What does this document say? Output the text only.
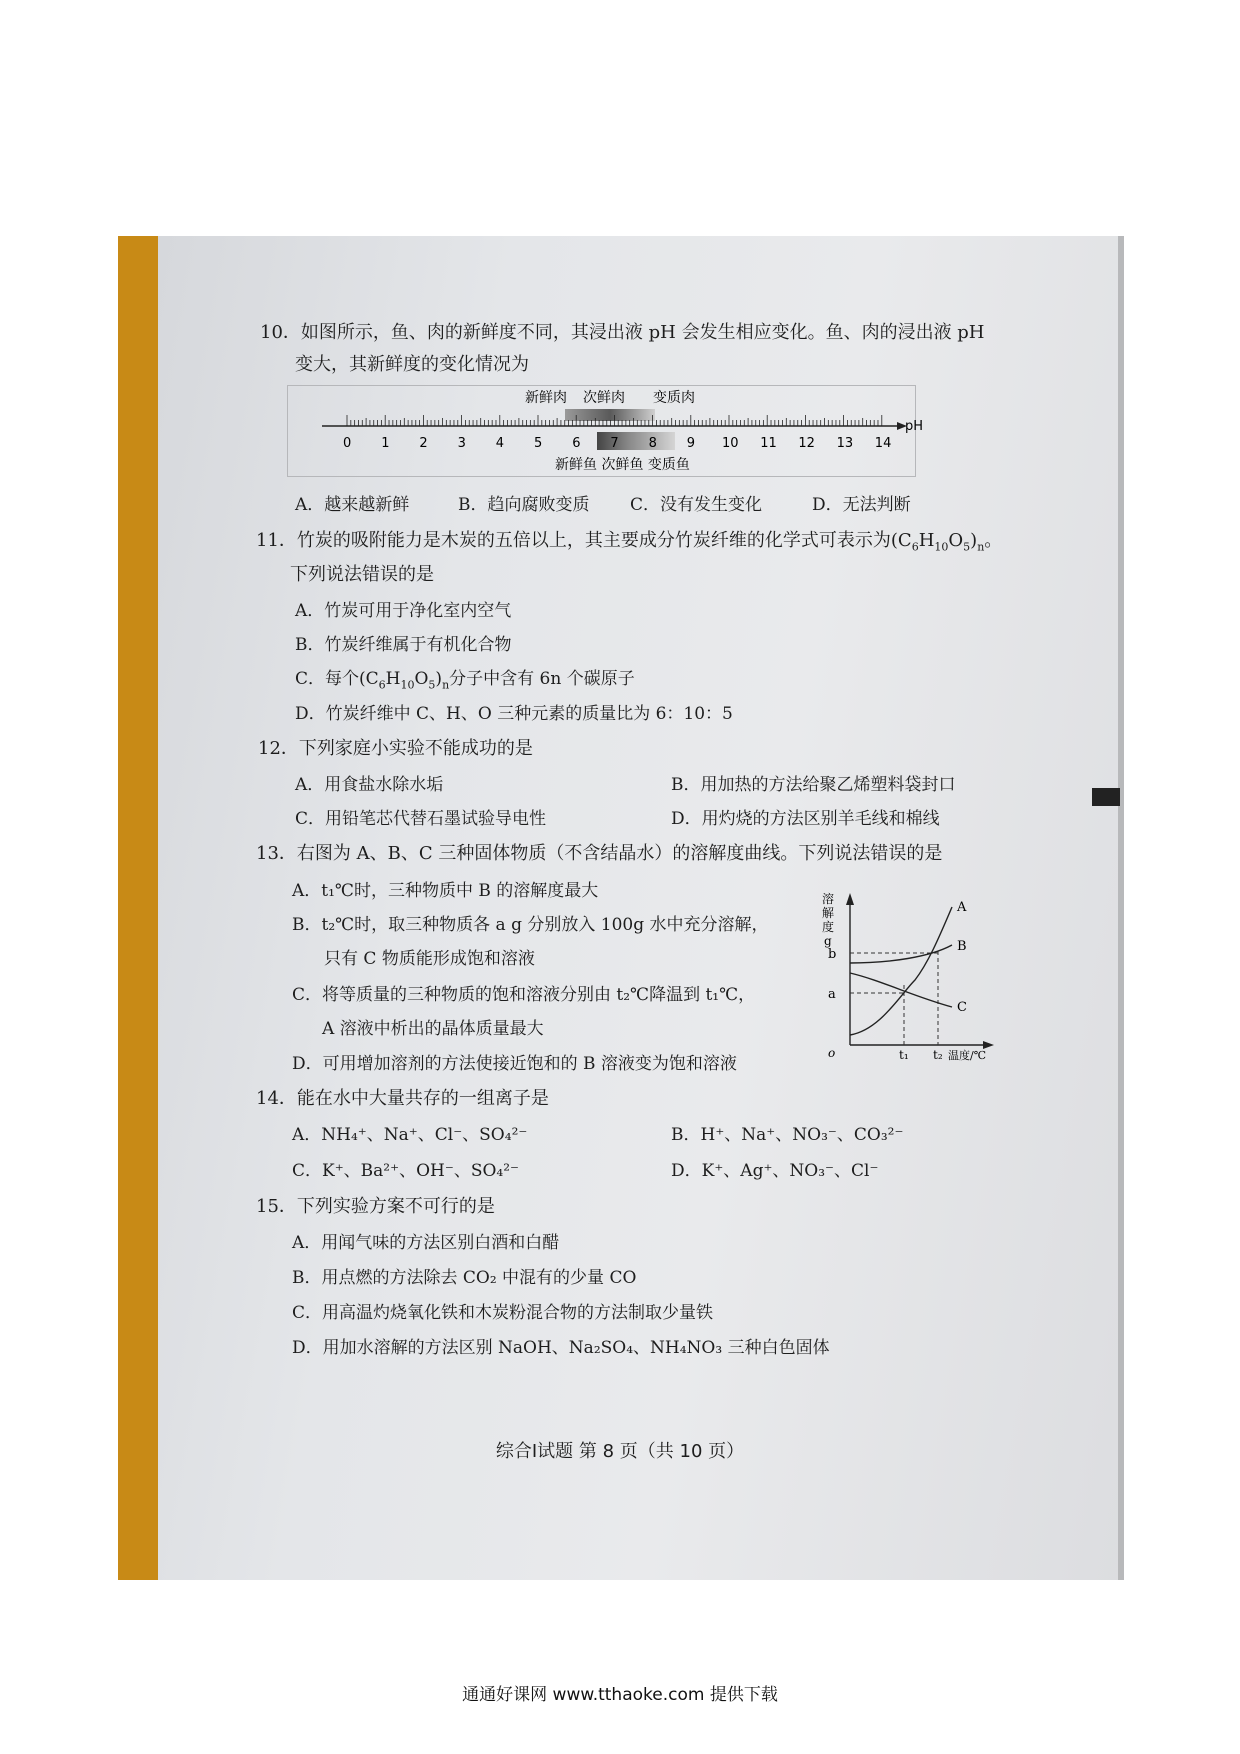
10．如图所示，鱼、肉的新鲜度不同，其浸出液 pH 会发生相应变化。鱼、肉的浸出液 pH
变大，其新鲜度的变化情况为
0 1 2 3 4 5 6 7 8 9 10 11 12 13 14
pH
新鲜肉 次鲜肉 变质肉
新鲜鱼 次鲜鱼 变质鱼
A．越来越新鲜	B．趋向腐败变质 C．没有发生变化	D．无法判断
11．竹炭的吸附能力是木炭的五倍以上，其主要成分竹炭纤维的化学式可表示为$(C_6H_{10}O_5)_n$。
下列说法错误的是
A．竹炭可用于净化室内空气
B．竹炭纤维属于有机化合物
C．每个$(C_6H_{10}O_5)_n$分子中含有 6n 个碳原子
D．竹炭纤维中 C、H、O 三种元素的质量比为 6：10：5
12．下列家庭小实验不能成功的是
A．用食盐水除水垢	B．用加热的方法给聚乙烯塑料袋封口
C．用铅笔芯代替石墨试验导电性	D．用灼烧的方法区别羊毛线和棉线
13．右图为 A、B、C 三种固体物质（不含结晶水）的溶解度曲线。下列说法错误的是
A．t₁℃时，三种物质中 B 的溶解度最大
B．t₂℃时，取三种物质各 a g 分别放入 100g 水中充分溶解，
只有 C 物质能形成饱和溶液
C．将等质量的三种物质的饱和溶液分别由 t₂℃降温到 t₁℃，
A 溶液中析出的晶体质量最大
D．可用增加溶剂的方法使接近饱和的 B 溶液变为饱和溶液
溶
解
度
g
b
a
o
A
B
C
t₁ t₂ 温度/℃
14．能在水中大量共存的一组离子是
A．NH₄⁺、Na⁺、Cl⁻、SO₄²⁻	B．H⁺、Na⁺、NO₃⁻、CO₃²⁻
C．K⁺、Ba²⁺、OH⁻、SO₄²⁻	D．K⁺、Ag⁺、NO₃⁻、Cl⁻
15．下列实验方案不可行的是
A．用闻气味的方法区别白酒和白醋
B．用点燃的方法除去 CO₂ 中混有的少量 CO
C．用高温灼烧氧化铁和木炭粉混合物的方法制取少量铁
D．用加水溶解的方法区别 NaOH、Na₂SO₄、NH₄NO₃ 三种白色固体
综合Ⅰ试题 第 8 页（共 10 页）
通通好课网 www.tthaoke.com 提供下载
